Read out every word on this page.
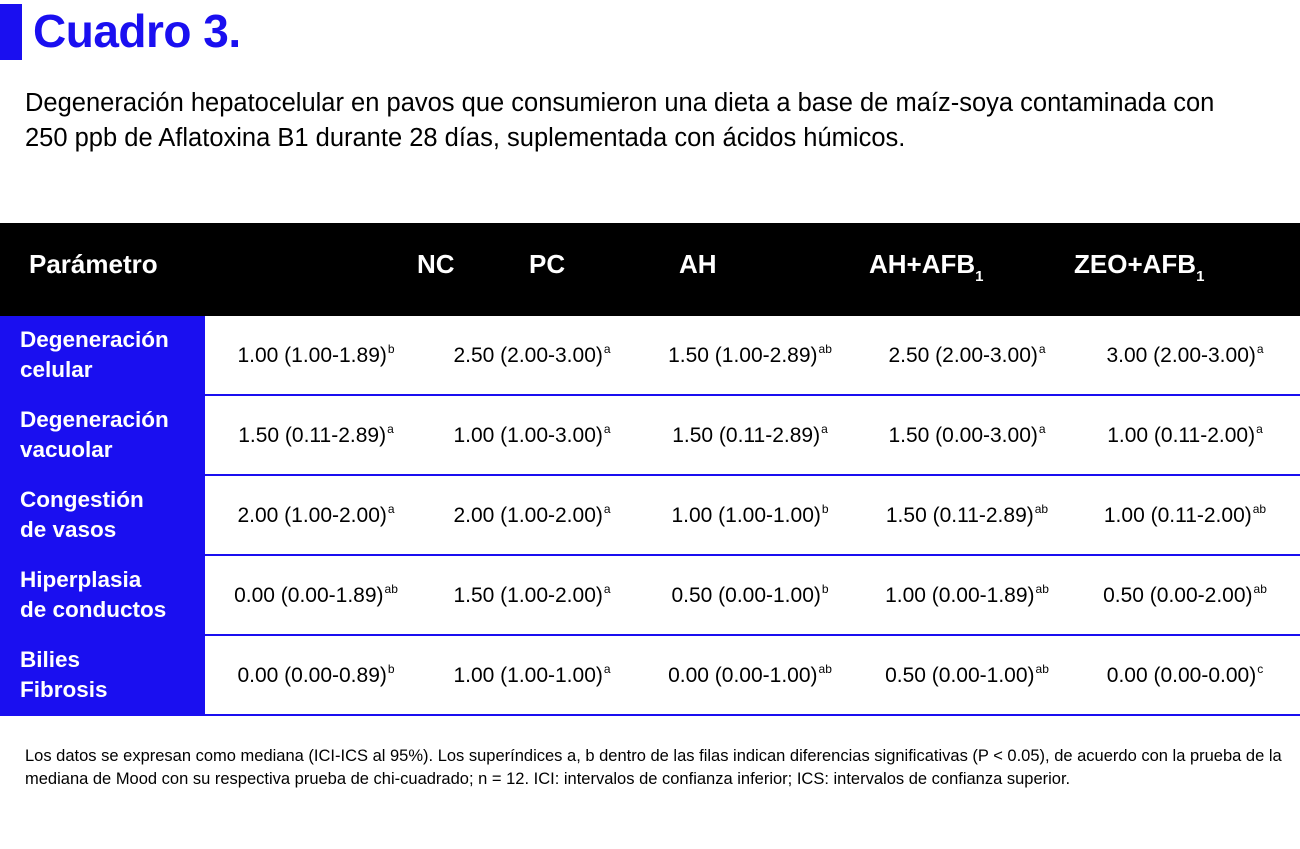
Cuadro 3.
Degeneración hepatocelular en pavos que consumieron una dieta a base de maíz-soya contaminada con 250 ppb de Aflatoxina B1 durante 28 días, suplementada con ácidos húmicos.
Parámetro	NC	PC	AH	$AH+AFB_1$	$ZEO+AFB_1$
Degeneración
celular
1.00 $(1.00-1.89)^b$	2.50 $(2.00-3.00)^a$	1.50 $(1.00-2.89)^{ab}$	2.50 $(2.00-3.00)^a$	3.00 $(2.00-3.00)^a$
Degeneración
vacuolar
1.50 $(0.11-2.89)^a$	1.00 $(1.00-3.00)^a$	1.50 $(0.11-2.89)^a$	1.50 $(0.00-3.00)^a$	1.00 $(0.11-2.00)^a$
Congestión
de vasos
2.00 $(1.00-2.00)^a$	2.00 $(1.00-2.00)^a$	1.00 $(1.00-1.00)^b$	1.50 $(0.11-2.89)^{ab}$	1.00 $(0.11-2.00)^{ab}$
Hiperplasia
de conductos
0.00 $(0.00-1.89)^{ab}$	1.50 $(1.00-2.00)^a$	0.50 $(0.00-1.00)^b$	1.00 $(0.00-1.89)^{ab}$	0.50 $(0.00-2.00)^{ab}$
Bilies
Fibrosis
0.00 $(0.00-0.89)^b$	1.00 $(1.00-1.00)^a$	0.00 $(0.00-1.00)^{ab}$	0.50 $(0.00-1.00)^{ab}$	0.00 $(0.00-0.00)^c$
Los datos se expresan como mediana (ICI-ICS al 95%). Los superíndices a, b dentro de las filas indican diferencias significativas (P < 0.05), de acuerdo con la prueba de la mediana de Mood con su respectiva prueba de chi-cuadrado; n = 12. ICI: intervalos de confianza inferior; ICS: intervalos de confianza superior.
